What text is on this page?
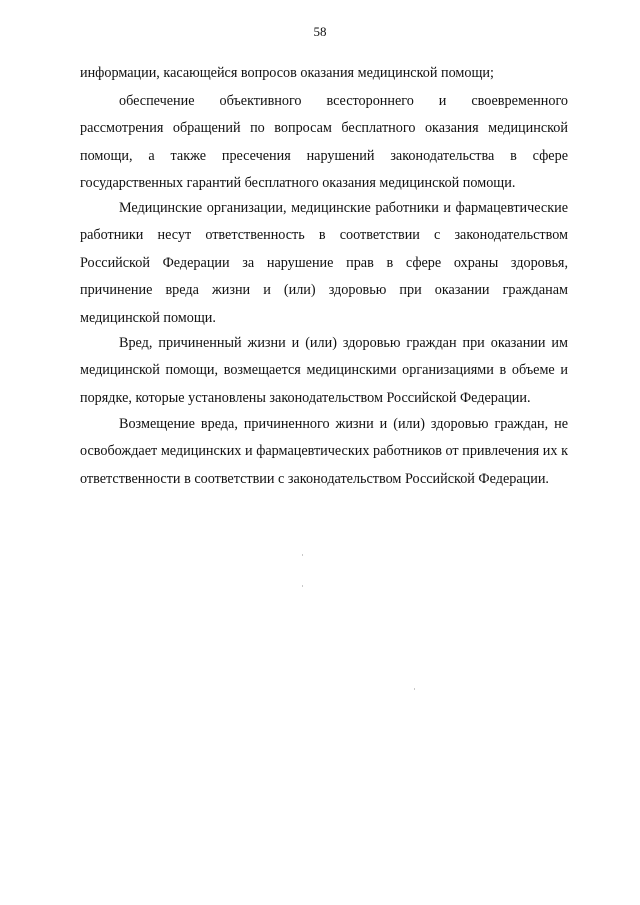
58

информации, касающейся вопросов оказания медицинской помощи;

обеспечение объективного всестороннего и своевременного рассмотрения обращений по вопросам бесплатного оказания медицинской помощи, а также пресечения нарушений законодательства в сфере государственных гарантий бесплатного оказания медицинской помощи.

Медицинские организации, медицинские работники и фармацевтические работники несут ответственность в соответствии с законодательством Российской Федерации за нарушение прав в сфере охраны здоровья, причинение вреда жизни и (или) здоровью при оказании гражданам медицинской помощи.

Вред, причиненный жизни и (или) здоровью граждан при оказании им медицинской помощи, возмещается медицинскими организациями в объеме и порядке, которые установлены законодательством Российской Федерации.

Возмещение вреда, причиненного жизни и (или) здоровью граждан, не освобождает медицинских и фармацевтических работников от привлечения их к ответственности в соответствии с законодательством Российской Федерации.
